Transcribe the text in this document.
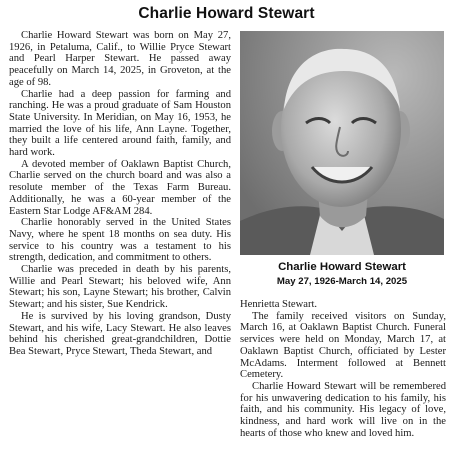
Charlie Howard Stewart

Charlie Howard Stewart was born on May 27, 1926, in Petaluma, Calif., to Willie Pryce Stewart and Pearl Harper Stewart. He passed away peacefully on March 14, 2025, in Groveton, at the age of 98.

Charlie had a deep passion for farming and ranching. He was a proud graduate of Sam Houston State University. In Meridian, on May 16, 1953, he married the love of his life, Ann Layne. Together, they built a life centered around faith, family, and hard work.

A devoted member of Oaklawn Baptist Church, Charlie served on the church board and was also a resolute member of the Texas Farm Bureau. Additionally, he was a 60-year member of the Eastern Star Lodge AF&AM 284.

Charlie honorably served in the United States Navy, where he spent 18 months on sea duty. His service to his country was a testament to his strength, dedication, and commitment to others.

Charlie was preceded in death by his parents, Willie and Pearl Stewart; his beloved wife, Ann Stewart; his son, Layne Stewart; his brother, Calvin Stewart; and his sister, Sue Kendrick.

He is survived by his loving grandson, Dusty Stewart, and his wife, Lacy Stewart. He also leaves behind his cherished great-grandchildren, Dottie Bea Stewart, Pryce Stewart, Theda Stewart, and

Charlie Howard Stewart
May 27, 1926-March 14, 2025

Henrietta Stewart.

The family received visitors on Sunday, March 16, at Oaklawn Baptist Church. Funeral services were held on Monday, March 17, at Oaklawn Baptist Church, officiated by Lester McAdams. Interment followed at Bennett Cemetery.

Charlie Howard Stewart will be remembered for his unwavering dedication to his family, his faith, and his community. His legacy of love, kindness, and hard work will live on in the hearts of those who knew and loved him.
